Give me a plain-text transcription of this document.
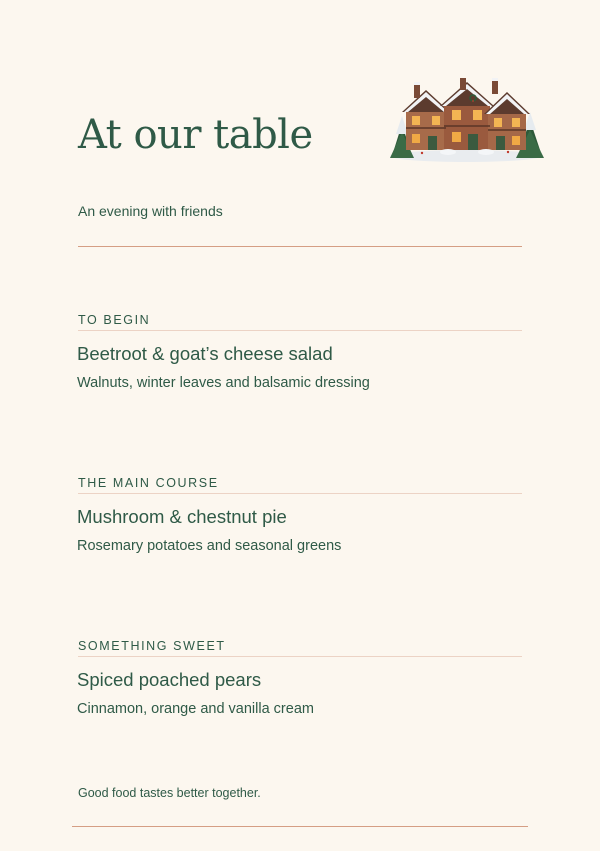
At our table
An evening with friends
TO BEGIN
Beetroot & goat’s cheese salad
Walnuts, winter leaves and balsamic dressing
THE MAIN COURSE
Mushroom & chestnut pie
Rosemary potatoes and seasonal greens
SOMETHING SWEET
Spiced poached pears
Cinnamon, orange and vanilla cream
Good food tastes better together.
